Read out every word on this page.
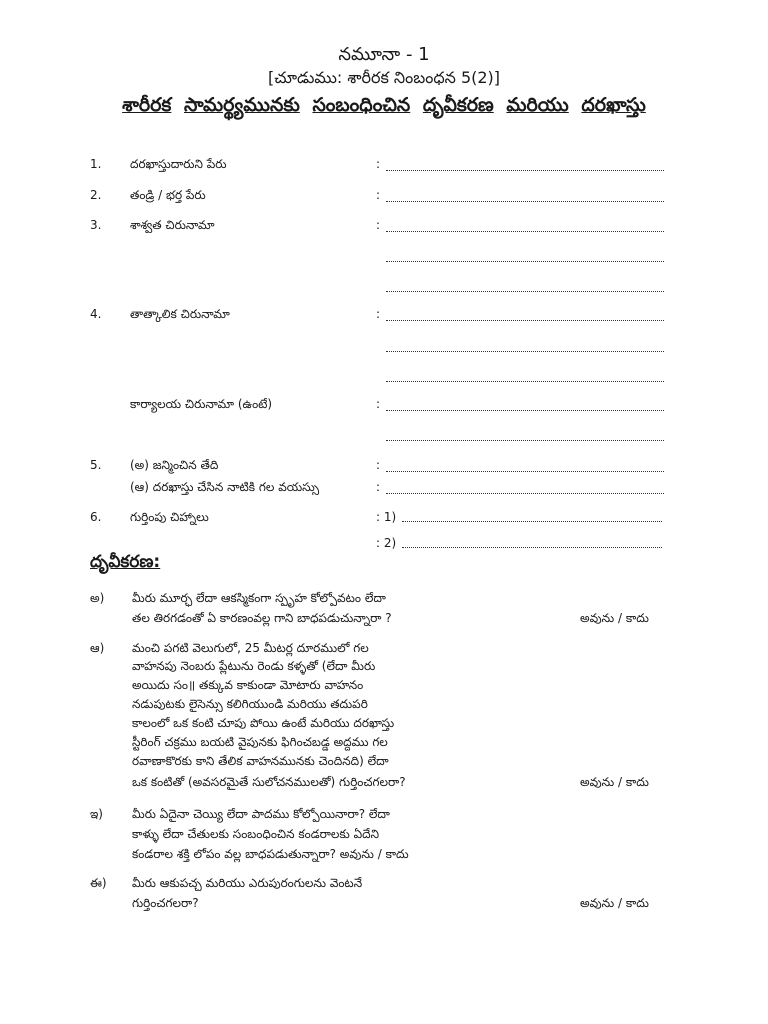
నమూనా - 1
[చూడుము: శారీరక నింబంధన 5(2)]
శారీరక సామర్థ్యమునకు సంబంధించిన దృవీకరణ మరియు దరఖాస్తు
1. దరఖాస్తుదారుని పేరు	:
2. తండ్రి / భర్త పేరు	:
3. శాశ్వత చిరునామా	:
4. తాత్కాలిక చిరునామా	:
కార్యాలయ చిరునామా (ఉంటే)	:
5. (అ) జన్మించిన తేది	:
(ఆ) దరఖాస్తు చేసిన నాటికి గల వయస్సు	:
6. గుర్తింపు చిహ్నాలు	: 1)
: 2)
దృవీకరణ:
అ) మీరు మూర్ఛ లేదా ఆకస్మికంగా స్పృహ కోల్పోవటం లేదా
తల తిరగడంతో ఏ కారణంవల్ల గాని బాధపడుచున్నారా ?	అవును / కాదు
ఆ) మంచి పగటి వెలుగులో, 25 మీటర్ల దూరములో గల
వాహనపు నెంబరు ప్లేటును రెండు కళ్ళతో (లేదా మీరు
అయిదు సం॥ తక్కువ కాకుండా మోటారు వాహనం
నడుపుటకు లైసెన్సు కలిగియుండి మరియు తదుపరి
కాలంలో ఒక కంటి చూపు పోయి ఉంటే మరియు దరఖాస్తు
స్టీరింగ్ చక్రము బయటి వైపునకు ఫిగించబడ్డ అద్దము గల
రవాణాకొరకు కాని తేలిక వాహనమునకు చెందినది) లేదా
ఒక కంటితో (అవసరమైతే సులోచనములతో) గుర్తించగలరా?	అవును / కాదు
ఇ) మీరు ఏదైనా చెయ్యి లేదా పాదము కోల్పోయినారా? లేదా
కాళ్ళు లేదా చేతులకు సంబంధించిన కండరాలకు ఏదేని
కండరాల శక్తి లోపం వల్ల బాధపడుతున్నారా? అవును / కాదు
ఈ) మీరు ఆకుపచ్చ మరియు ఎరుపురంగులను వెంటనే
గుర్తించగలరా?	అవును / కాదు
